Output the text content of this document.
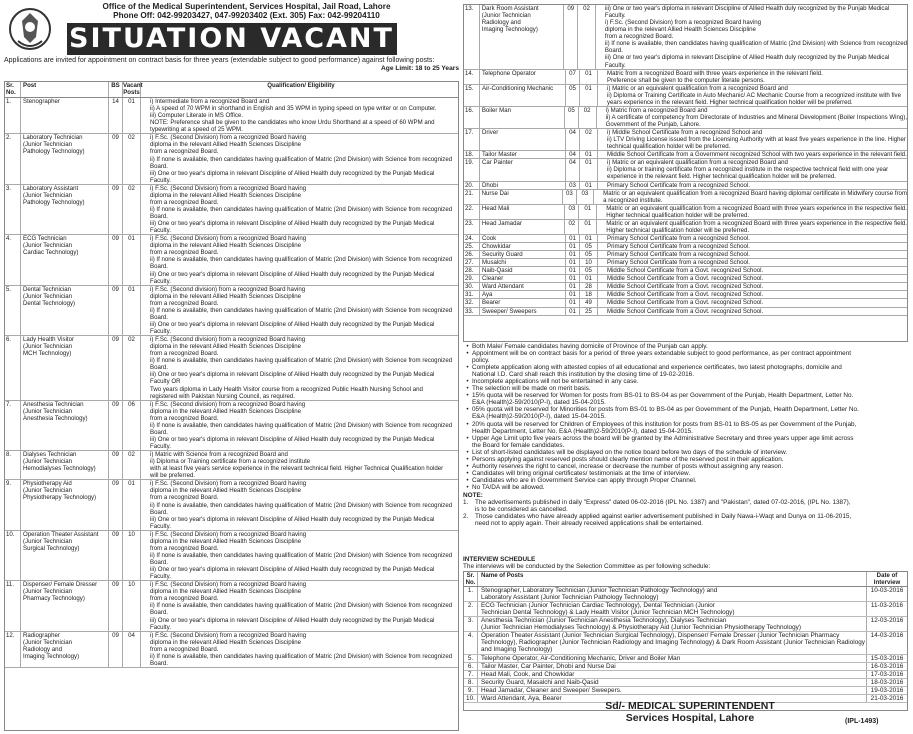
Office of the Medical Superintendent, Services Hospital, Jail Road, Lahore
Phone Off: 042-99203427, 047-99203402 (Ext. 305) Fax: 042-99204110
SITUATION VACANT
Applications are invited for appointment on contract basis for three years (extendable subject to good performance) against following posts:
Age Limit: 18 to 25 Years
Sr. No.
Post	BS Vacant Posts
Qualification/ Eligibility
1.	Stenographer	14	01	i) Intermediate from a recognized Board and
ii) A speed of 70 WPM in shorthand in English and 35 WPM in typing speed on type writer or on Computer.
iii) Computer Literate in MS Office.
NOTE: Preference shall be given to the candidates who know Urdu Shorthand at a speed of 60 WPM and
typewriting at a speed of 25 WPM.
2.	Laboratory Technician
(Junior Technician
Pathology Technology)
09	02	i) F.Sc. (Second Division) from a recognized Board having
diploma in the relevant Allied Health Sciences Discipline
from a recognized Board.
ii) If none is available, then candidates having qualification of Matric (2nd Division) with Science from recognized
Board.
iii) One or two year's diploma in relevant Discipline of Allied Health duly recognized by the Punjab Medical
Faculty.
3.	Laboratory Assistant
(Junior Technician
Pathology Technology)
09	02	i) F.Sc. (Second Division) from a recognized Board having
diploma in the relevant Allied Health Sciences Discipline
from a recognized Board.
ii) If none is available, then candidates having qualification of Matric (2nd Division) with Science from recognized
Board.
iii) One or two year's diploma in relevant Discipline of Allied Health duly recognized by the Punjab Medical
Faculty.
4.	ECG Technician
(Junior Technician
Cardiac Technology)
09	01	i) F.Sc. (Second Division) from a recognized Board having
diploma in the relevant Allied Health Sciences Discipline
from a recognized Board.
ii) If none is available, then candidates having qualification of Matric (2nd Division) with Science from recognized
Board.
iii) One or two year's diploma in relevant Discipline of Allied Health duly recognized by the Punjab Medical
Faculty.
5.	Dental Technician
(Junior Technician
Dental Technology)
09	01	i) F.Sc. (Second division) from a recognized Board having
diploma in the relevant Allied Health Sciences Discipline
from a recognized Board.
ii) If none is available, then candidates having qualification of Matric (2nd Division) with Science from recognized
Board.
iii) One or two year's diploma in relevant Discipline of Allied Health duly recognized by the Punjab Medical
Faculty.
6.	Lady Health Visitor
(Junior Technician
MCH Technology)
09	02	i) F.Sc. (Second division) from a recognized Board having
diploma in the relevant Allied Health Sciences Discipline
from a recognized Board.
ii) If none is available, then candidates having qualification of Matric (2nd Division) with Science from recognized
Board.
iii) One or two year's diploma in relevant Discipline of Allied Health duly recognized by the Punjab Medical
Faculty OR
Two years diploma in Lady Health Visitor course from a recognized Public Health Nursing School and
registered with Pakistan Nursing Council, as required.
7.	Anesthesia Technician
(Junior Technician
Anesthesia Technology)
09	06	i) F.Sc. (Second division) from a recognized Board having
diploma in the relevant Allied Health Sciences Discipline
from a recognized Board.
ii) If none is available, then candidates having qualification of Matric (2nd Division) with Science from recognized
Board.
iii) One or two year's diploma in relevant Discipline of Allied Health duly recognized by the Punjab Medical
Faculty.
8.	Dialyses Technician
(Junior Technician
Hemodialyses Technology)
09	02	i) Matric with Science from a recognized Board and
ii) Diploma or Training certificate from a recognized institute
with at least five years service experience in the relevant technical field. Higher Technical Qualification holder
will be preferred.
9.	Physiotherapy Aid
(Junior Technician
Physiotherapy Technology)
09	01	i) F.Sc. (Second Division) from a recognized Board having
diploma in the relevant Allied Health Sciences Discipline
from a recognized Board.
ii) If none is available, then candidates having qualification of Matric (2nd Division) with Science from recognized
Board.
iii) One or two year's diploma in relevant Discipline of Allied Health duly recognized by the Punjab Medical
Faculty.
10.	Operation Theater Assistant
(Junior Technician
Surgical Technology)
09	10	i) F.Sc. (Second Division) from a recognized Board having
diploma in the relevant Allied Health Sciences Discipline
from a recognized Board.
ii) If none is available, then candidates having qualification of Matric (2nd Division) with Science from recognized
Board.
iii) One or two year's diploma in relevant Discipline of Allied Health duly recognized by the Punjab Medical
Faculty.
11.	Dispenser/ Female Dresser
(Junior Technician
Pharmacy Technology)
09	10	i) F.Sc. (Second Division) from a recognized Board having
diploma in the relevant Allied Health Sciences Discipline
from a recognized Board.
ii) If none is available, then candidates having qualification of Matric (2nd Division) with Science from recognized
Board.
iii) One or two year's diploma in relevant Discipline of Allied Health duly recognized by the Punjab Medical
Faculty.
12.	Radiographer
(Junior Technician
Radiology and
Imaging Technology)
09	04	i) F.Sc. (Second Division) from a recognized Board having
diploma in the relevant Allied Health Sciences Discipline
from a recognized Board.
ii) If none is available, then candidates having qualification of Matric (2nd Division) with Science from recognized
Board.
13.	Dark Room Assistant
(Junior Technician
Radiology and
Imaging Technology)
09	02	iii) One or two year's diploma in relevant Discipline of Allied Health duly recognized by the Punjab Medical
Faculty.
i) F.Sc. (Second Division) from a recognized Board having
diploma in the relevant Allied Health Sciences Discipline
from a recognized Board.
ii) If none is available, then candidates having qualification of Matric (2nd Division) with Science from recognized
Board.
iii) One or two year's diploma in relevant Discipline of Allied Health duly recognized by the Punjab Medical
Faculty.
14.	Telephone Operator	07	01	Matric from a recognized Board with three years experience in the relevant field.
Preference shall be given to the computer literate persons.
15.	Air-Conditioning Mechanic	05	01	i) Matric or an equivalent qualification from a recognized Board and
ii) Diploma or Training Certificate in Auto Mechanic/ AC Mechanic Course from a recognized institute with five
years experience in the relevant field. Higher technical qualification holder will be preferred.
16.	Boiler Man	05	02	i) Matric from a recognized Board and
ii) A certificate of competency from Directorate of Industries and Mineral Development (Boiler Inspections Wing),
Government of the Punjab, Lahore.
17.	Driver	04	02	i) Middle School Certificate from a recognized School and
ii) LTV Driving License issued from the Licensing Authority with at least five years experience in the line. Higher
technical qualification holder will be preferred.
18.	Tailor Master	04	01	Middle School Certificate from a Government recognized School with two years experience in the relevant field.
19.	Car Painter	04	01	i) Matric or an equivalent qualification from a recognized Board and
ii) Diploma or training certificate from a recognized institute in the respective technical field with one year
experience in the relevant field. Higher technical qualification holder will be preferred.
20.	Dhobi	03	01	Primary School Certificate from a recognized School.
21.	Nurse Dai	03	03	Matric or an equivalent qualification from a recognized Board having diploma/ certificate in Midwifery course from
a recognized institute.
22.	Head Mali	03	01	Matric or an equivalent qualification from a recognized Board with three years experience in the respective field.
Higher technical qualification holder will be preferred.
23.	Head Jamadar	02	01	Matric or an equivalent qualification from a recognized Board with three years experience in the respective field.
Higher technical qualification holder will be preferred.
24.	Cook	01	01	Primary School Certificate from a recognized School.
25.	Chowkidar	01	05	Primary School Certificate from a recognized School.
26.	Security Guard	01	05	Primary School Certificate from a recognized School.
27.	Musalchi	01	10	Primary School Certificate from a recognized School.
28.	Naib-Qasid	01	05	Middle School Certificate from a Govt. recognized School.
29.	Cleaner	01	01	Middle School Certificate from a Govt. recognized School.
30.	Ward Attendant	01	28	Middle School Certificate from a Govt. recognized School.
31.	Aya	01	18	Middle School Certificate from a Govt. recognized School.
32.	Bearer	01	49	Middle School Certificate from a Govt. recognized School.
33.	Sweeper/ Sweepers	01	25	Middle School Certificate from a Govt. recognized School.
• Both Male/ Female candidates having domicile of Province of the Punjab can apply.
• Appointment will be on contract basis for a period of three years extendable subject to good performance, as per contract appointment
policy.
• Complete application along with attested copies of all educational and experience certificates, two latest photographs, domicile and
National I.D. Card shall reach this institution by the closing time of 19-02-2016.
• Incomplete applications will not be entertained in any case.
• The selection will be made on merit basis.
• 15% quota will be reserved for Women for posts from BS-01 to BS-04 as per Government of the Punjab, Health Department, Letter No.
E&A (Health)2-59/2010(P-I), dated 15-04-2015.
• 05% quota will be reserved for Minorities for posts from BS-01 to BS-04 as per Government of the Punjab, Health Department, Letter No.
E&A (Health)2-59/2010(P-I), dated 15-04-2015.
• 20% quota will be reserved for Children of Employees of this institution for posts from BS-01 to BS-05 as per Government of the Punjab,
Health Department, Letter No. E&A (Health)2-59/2010(P-I), dated 15-04-2015.
• Upper Age Limit upto five years across the board will be granted by the Administrative Secretary and three years upper age limit across
the Board for female candidates.
• List of short-listed candidates will be displayed on the notice board before two days of the schedule of interview.
• Persons applying against reserved posts should clearly mention name of the reserved post in their application.
• Authority reserves the right to cancel, increase or decrease the number of posts without assigning any reason.
• Candidates will bring original certificates/ testimonials at the time of interview.
• Candidates who are in Government Service can apply through Proper Channel.
• No TA/DA will be allowed.
NOTE:
1.	The advertisements published in daily "Express" dated 06-02-2016 (IPL No. 1387) and "Pakistan", dated 07-02-2016, (IPL No. 1387),
is to be considered as cancelled.
2.	Those candidates who have already applied against earlier advertisement published in Daily Nawa-i-Waqt and Dunya on 11-06-2015,
need not to apply again. Their already received applications shall be entertained.
INTERVIEW SCHEDULE
The interviews will be conducted by the Selection Committee as per following schedule:
Sr. No.
Name of Posts	Date of Interview
1.	Stenographer, Laboratory Technician (Junior Technician Pathology Technology) and
Laboratory Assistant (Junior Technician Pathology Technology)
10-03-2016
2.	ECG Technician (Junior Technician Cardiac Technology), Dental Technician (Junior
Technician Dental Technology) & Lady Health Visitor (Junior Technician MCH Technology)
11-03-2016
3.	Anesthesia Technician (Junior Technician Anesthesia Technology), Dialyses Technician
(Junior Technician Hemodialyses Technology) & Physiotherapy Aid (Junior Technician Physiotherapy Technology)
12-03-2016
4.	Operation Theater Assistant (Junior Technician Surgical Technology), Dispenser/ Female Dresser (Junior Technician Pharmacy
Technology), Radiographer (Junior Technician Radiology and Imaging Technology) & Dark Room Assistant (Junior Technician Radiology
and Imaging Technology)
14-03-2016
5.	Telephone Operator, Air-Conditioning Mechanic, Driver and Boiler Man	15-03-2016
6.	Tailor Master, Car Painter, Dhobi and Nurse Dai	16-03-2016
7.	Head Mali, Cook, and Chowkidar	17-03-2016
8.	Security Guard, Masalchi and Naib-Qasid	18-03-2016
9.	Head Jamadar, Cleaner and Sweeper/ Sweepers.	19-03-2016
10. Ward Attendant, Aya, Bearer	21-03-2016
Sd/- MEDICAL SUPERINTENDENT
Services Hospital, Lahore	(IPL-1493)
